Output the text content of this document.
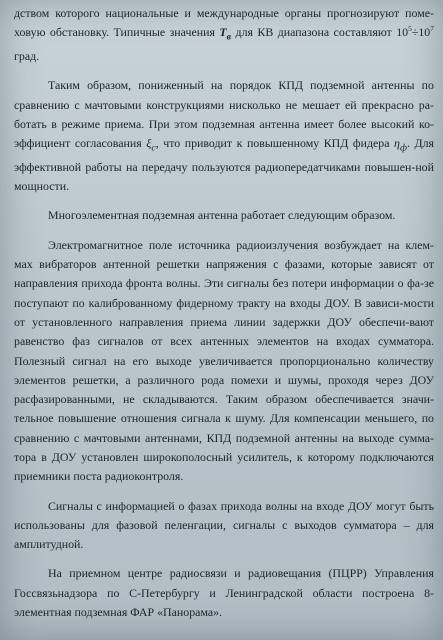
дством которого национальные и международные органы прогнозируют поме-ховую обстановку. Типичные значения $T_в$ для КВ диапазона составляют $10^5\div 10^7$ град.

Таким образом, пониженный на порядок КПД подземной антенны по сравнению с мачтовыми конструкциями нисколько не мешает ей прекрасно ра-ботать в режиме приема. При этом подземная антенна имеет более высокий ко-эффициент согласования $\xi_с$, что приводит к повышенному КПД фидера $\eta_ф$. Для эффективной работы на передачу пользуются радиопередатчиками повышен-ной мощности.

Многоэлементная подземная антенна работает следующим образом.

Электромагнитное поле источника радиоизлучения возбуждает на клем-мах вибраторов антенной решетки напряжения с фазами, которые зависят от направления прихода фронта волны. Эти сигналы без потери информации о фа-зе поступают по калиброванному фидерному тракту на входы ДОУ. В зависи-мости от установленного направления приема линии задержки ДОУ обеспечи-вают равенство фаз сигналов от всех антенных элементов на входах сумматора. Полезный сигнал на его выходе увеличивается пропорционально количеству элементов решетки, а различного рода помехи и шумы, проходя через ДОУ расфазированными, не складываются. Таким образом обеспечивается значи-тельное повышение отношения сигнала к шуму. Для компенсации меньшего, по сравнению с мачтовыми антеннами, КПД подземной антенны на выходе сумма-тора в ДОУ установлен широкополосный усилитель, к которому подключаются приемники поста радиоконтроля.

Сигналы с информацией о фазах прихода волны на входе ДОУ могут быть использованы для фазовой пеленгации, сигналы с выходов сумматора – для амплитудной.

На приемном центре радиосвязи и радиовещания (ПЦРР) Управления Госсвязьнадзора по С-Петербургу и Ленинградской области построена 8-элементная подземная ФАР «Панорама».
